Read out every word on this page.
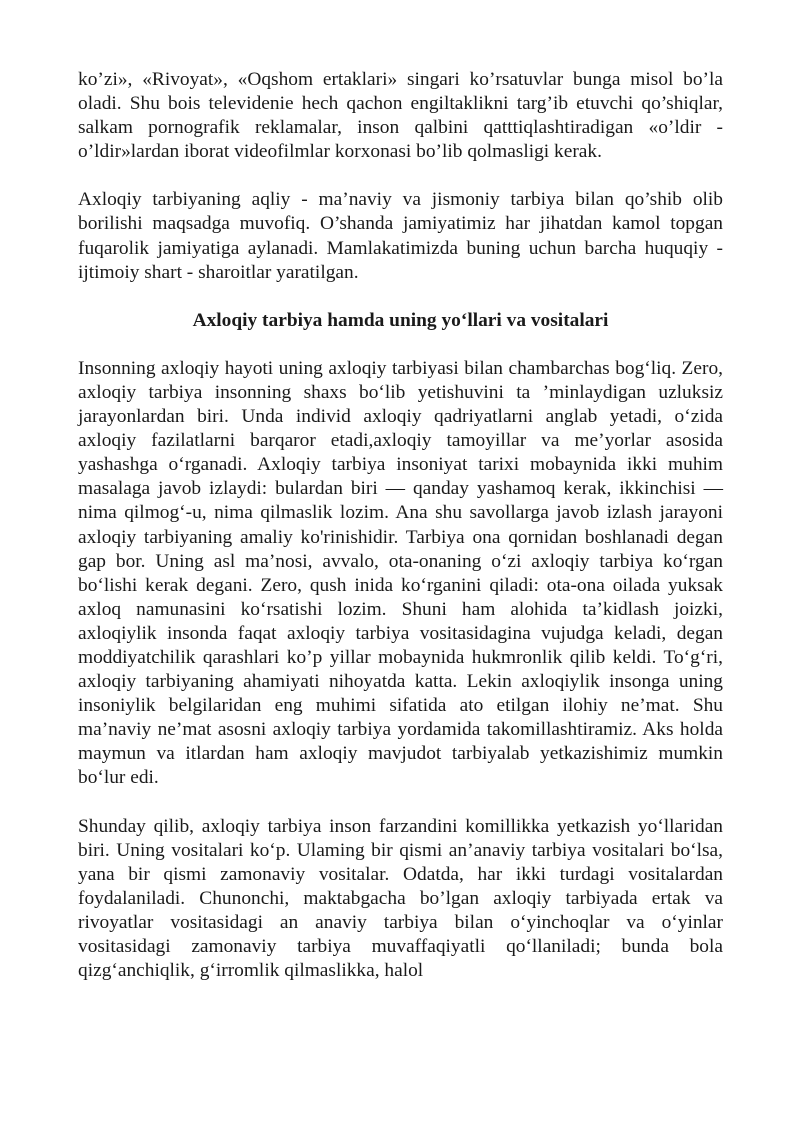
ko’zi», «Rivoyat», «Oqshom ertaklari» singari ko’rsatuvlar bunga misol bo’la oladi. Shu bois televidenie hech qachon engiltaklikni targ’ib etuvchi qo’shiqlar, salkam pornografik reklamalar, inson qalbini qatttiqlashtiradigan «o’ldir - o’ldir»lardan iborat videofilmlar korxonasi bo’lib qolmasligi kerak.

Axloqiy tarbiyaning aqliy - ma’naviy va jismoniy tarbiya bilan qo’shib olib borilishi maqsadga muvofiq. O’shanda jamiyatimiz har jihatdan kamol topgan fuqarolik jamiyatiga aylanadi. Mamlakatimizda buning uchun barcha huquqiy - ijtimoiy shart - sharoitlar yaratilgan.

Axloqiy tarbiya hamda uning yo‘llari va vositalari

Insonning axloqiy hayoti uning axloqiy tarbiyasi bilan chambarchas bog‘liq. Zero, axloqiy tarbiya insonning shaxs bo‘lib yetishuvini ta ’minlaydigan uzluksiz jarayonlardan biri. Unda individ axloqiy qadriyatlarni anglab yetadi, o‘zida axloqiy fazilatlarni barqaror etadi,axloqiy tamoyillar va me’yorlar asosida yashashga o‘rganadi. Axloqiy tarbiya insoniyat tarixi mobaynida ikki muhim masalaga javob izlaydi: bulardan biri — qanday yashamoq kerak, ikkinchisi — nima qilmog‘-u, nima qilmaslik lozim. Ana shu savollarga javob izlash jarayoni axloqiy tarbiyaning amaliy ko'rinishidir. Tarbiya ona qornidan boshlanadi degan gap bor. Uning asl ma’nosi, avvalo, ota-onaning o‘zi axloqiy tarbiya ko‘rgan bo‘lishi kerak degani. Zero, qush inida ko‘rganini qiladi: ota-ona oilada yuksak axloq namunasini ko‘rsatishi lozim. Shuni ham alohida ta’kidlash joizki, axloqiylik insonda faqat axloqiy tarbiya vositasidagina vujudga keladi, degan moddiyatchilik qarashlari ko’p yillar mobaynida hukmronlik qilib keldi. To‘g‘ri, axloqiy tarbiyaning ahamiyati nihoyatda katta. Lekin axloqiylik insonga uning insoniylik belgilaridan eng muhimi sifatida ato etilgan ilohiy ne’mat. Shu ma’naviy ne’mat asosni axloqiy tarbiya yordamida takomillashtiramiz. Aks holda maymun va itlardan ham axloqiy mavjudot tarbiyalab yetkazishimiz mumkin bo‘lur edi.

Shunday qilib, axloqiy tarbiya inson farzandini komillikka yetkazish yo‘llaridan biri. Uning vositalari ko‘p. Ulaming bir qismi an’anaviy tarbiya vositalari bo‘lsa, yana bir qismi zamonaviy vositalar. Odatda, har ikki turdagi vositalardan foydalaniladi. Chunonchi, maktabgacha bo’lgan axloqiy tarbiyada ertak va rivoyatlar vositasidagi an anaviy tarbiya bilan o‘yinchoqlar va o‘yinlar vositasidagi zamonaviy tarbiya muvaffaqiyatli qo‘llaniladi; bunda bola qizg‘anchiqlik, g‘irromlik qilmaslikka, halol
